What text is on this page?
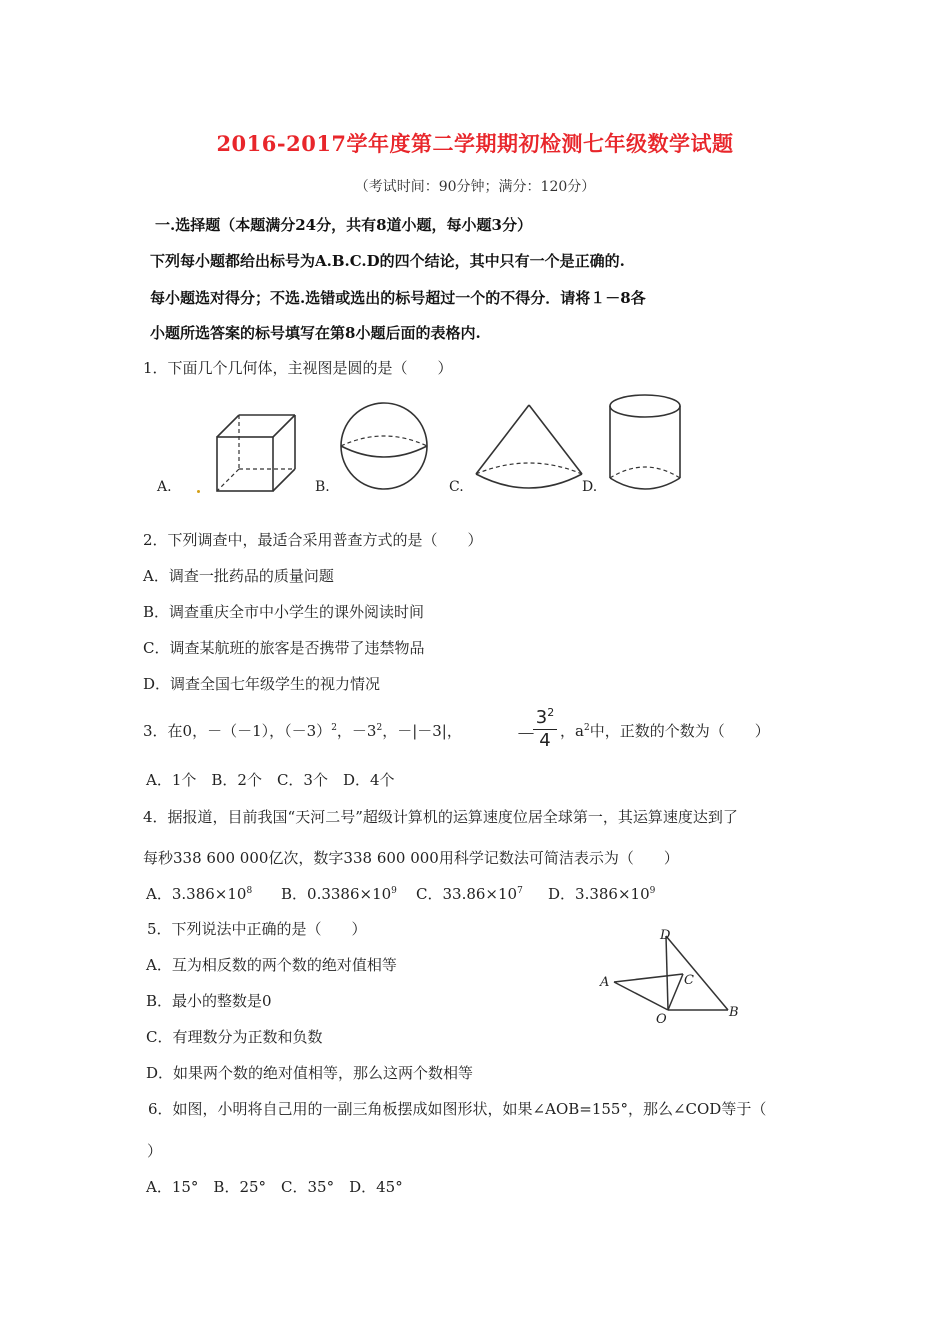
2016-2017学年度第二学期期初检测七年级数学试题
（考试时间：90分钟；满分：120分）
一.选择题（本题满分24分，共有8道小题，每小题3分）
下列每小题都给出标号为A.B.C.D的四个结论，其中只有一个是正确的.
每小题选对得分；不选.选错或选出的标号超过一个的不得分．请将１－8各
小题所选答案的标号填写在第8小题后面的表格内.
1．下面几个几何体，主视图是圆的是（　　）
A.	B.	C.	D.
2．下列调查中，最适合采用普查方式的是（　　）
A．调查一批药品的质量问题
B．调查重庆全市中小学生的课外阅读时间
C．调查某航班的旅客是否携带了违禁物品
D．调查全国七年级学生的视力情况
3．在0，－（－1），$(-3)^2$，$-3^2$，－|－3|，	－
$3^2$
4 ，$a^2$中，正数的个数为（　　）
A．1个　B．2个　C．3个　D．4个
4．据报道，目前我国“天河二号”超级计算机的运算速度位居全球第一，其运算速度达到了
每秒338 600 000亿次，数字338 600 000用科学记数法可简洁表示为（　　）
A．$3.386\times 10^8$ B．$0.3386\times 10^9$ C．$33.86\times 10^7$ D．$3.386\times 10^9$
5．下列说法中正确的是（　　）
A．互为相反数的两个数的绝对值相等
B．最小的整数是0
C．有理数分为正数和负数
D．如果两个数的绝对值相等，那么这两个数相等
D
A	C
O	B
6．如图，小明将自己用的一副三角板摆成如图形状，如果∠AOB=155°，那么∠COD等于（
）
A．15°　B．25°　C．35°　D．45°
